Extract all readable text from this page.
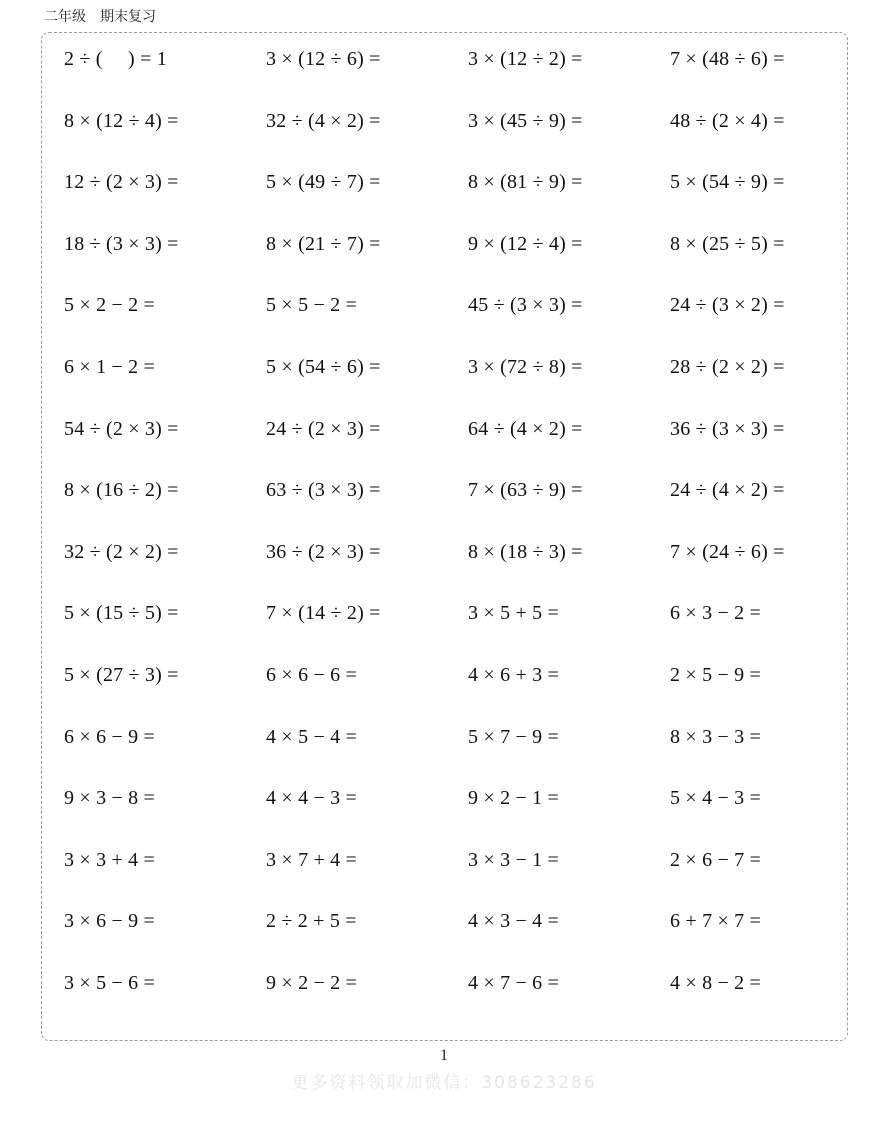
二年级　期末复习
2 ÷ (　 ) = 1	3 × (12 ÷ 6) =	3 × (12 ÷ 2) =	7 × (48 ÷ 6) =
8 × (12 ÷ 4) =	32 ÷ (4 × 2) =	3 × (45 ÷ 9) =	48 ÷ (2 × 4) =
12 ÷ (2 × 3) =	5 × (49 ÷ 7) =	8 × (81 ÷ 9) =	5 × (54 ÷ 9) =
18 ÷ (3 × 3) =	8 × (21 ÷ 7) =	9 × (12 ÷ 4) =	8 × (25 ÷ 5) =
5 × 2 − 2 =	5 × 5 − 2 =	45 ÷ (3 × 3) =	24 ÷ (3 × 2) =
6 × 1 − 2 =	5 × (54 ÷ 6) =	3 × (72 ÷ 8) =	28 ÷ (2 × 2) =
54 ÷ (2 × 3) =	24 ÷ (2 × 3) =	64 ÷ (4 × 2) =	36 ÷ (3 × 3) =
8 × (16 ÷ 2) =	63 ÷ (3 × 3) =	7 × (63 ÷ 9) =	24 ÷ (4 × 2) =
32 ÷ (2 × 2) =	36 ÷ (2 × 3) =	8 × (18 ÷ 3) =	7 × (24 ÷ 6) =
5 × (15 ÷ 5) =	7 × (14 ÷ 2) =	3 × 5 + 5 =	6 × 3 − 2 =
5 × (27 ÷ 3) =	6 × 6 − 6 =	4 × 6 + 3 =	2 × 5 − 9 =
6 × 6 − 9 =	4 × 5 − 4 =	5 × 7 − 9 =	8 × 3 − 3 =
9 × 3 − 8 =	4 × 4 − 3 =	9 × 2 − 1 =	5 × 4 − 3 =
3 × 3 + 4 =	3 × 7 + 4 =	3 × 3 − 1 =	2 × 6 − 7 =
3 × 6 − 9 =	2 ÷ 2 + 5 =	4 × 3 − 4 =	6 + 7 × 7 =
3 × 5 − 6 =	9 × 2 − 2 =	4 × 7 − 6 =	4 × 8 − 2 =
1
更多资料领取加微信：308623286
